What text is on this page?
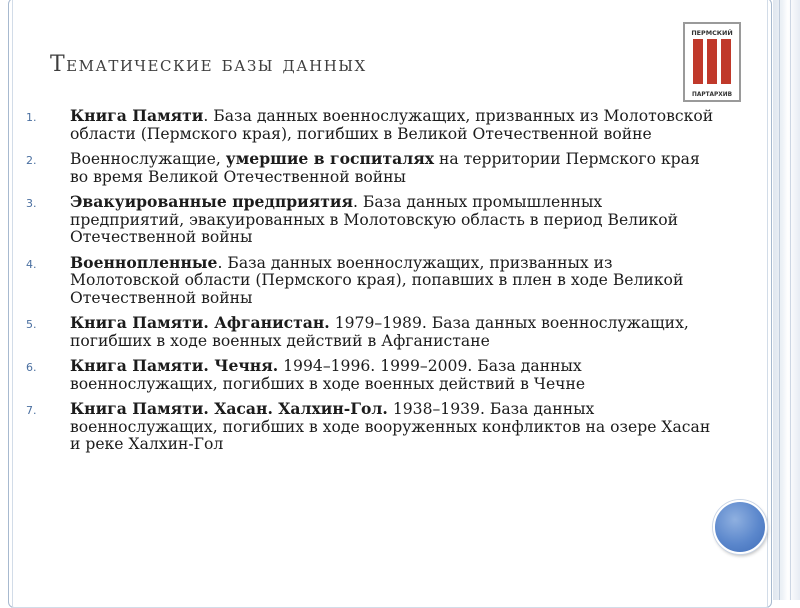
Тематические базы данных
ПЕРМСКИЙ
ПАРТАРХИВ
1. Книга Памяти. База данных военнослужащих, призванных из Молотовской области (Пермского края), погибших в Великой Отечественной войне
2. Военнослужащие, умершие в госпиталях на территории Пермского края во время Великой Отечественной войны
3. Эвакуированные предприятия. База данных промышленных предприятий, эвакуированных в Молотовскую область в период Великой Отечественной войны
4. Военнопленные. База данных военнослужащих, призванных из Молотовской области (Пермского края), попавших в плен в ходе Великой Отечественной войны
5. Книга Памяти. Афганистан. 1979–1989. База данных военнослужащих, погибших в ходе военных действий в Афганистане
6. Книга Памяти. Чечня. 1994–1996. 1999–2009. База данных военнослужащих, погибших в ходе военных действий в Чечне
7. Книга Памяти. Хасан. Халхин-Гол. 1938–1939. База данных военнослужащих, погибших в ходе вооруженных конфликтов на озере Хасан и реке Халхин-Гол
